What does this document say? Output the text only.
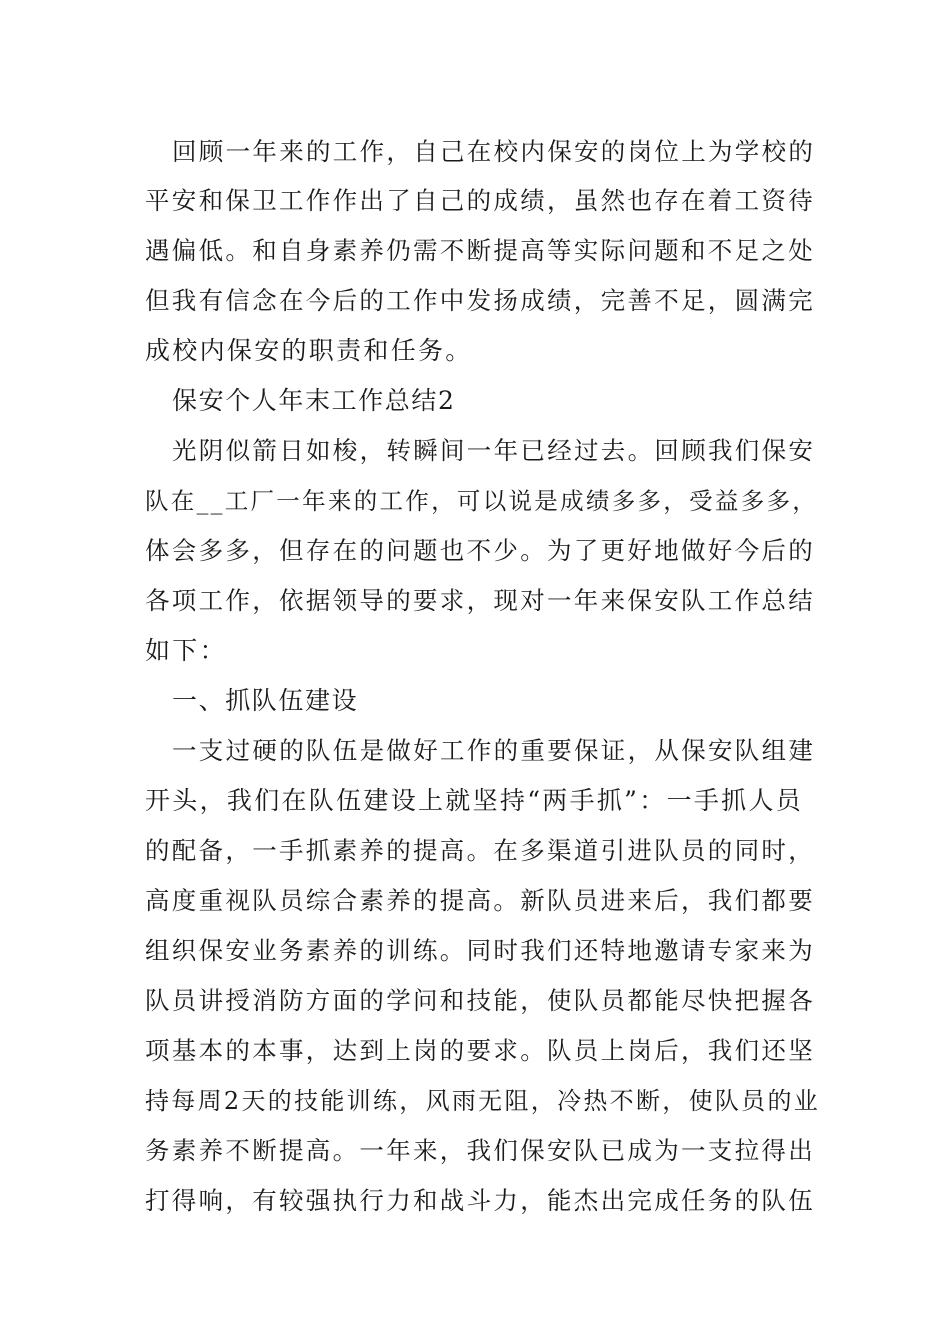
回顾一年来的工作，自己在校内保安的岗位上为学校的
平安和保卫工作作出了自己的成绩，虽然也存在着工资待
遇偏低。和自身素养仍需不断提高等实际问题和不足之处
但我有信念在今后的工作中发扬成绩，完善不足，圆满完
成校内保安的职责和任务。
保安个人年末工作总结2
光阴似箭日如梭，转瞬间一年已经过去。回顾我们保安
队在__工厂一年来的工作，可以说是成绩多多，受益多多，
体会多多，但存在的问题也不少。为了更好地做好今后的
各项工作，依据领导的要求，现对一年来保安队工作总结
如下：
一、抓队伍建设
一支过硬的队伍是做好工作的重要保证，从保安队组建
开头，我们在队伍建设上就坚持“两手抓”：一手抓人员
的配备，一手抓素养的提高。在多渠道引进队员的同时，
高度重视队员综合素养的提高。新队员进来后，我们都要
组织保安业务素养的训练。同时我们还特地邀请专家来为
队员讲授消防方面的学问和技能，使队员都能尽快把握各
项基本的本事，达到上岗的要求。队员上岗后，我们还坚
持每周2天的技能训练，风雨无阻，冷热不断，使队员的业
务素养不断提高。一年来，我们保安队已成为一支拉得出
打得响，有较强执行力和战斗力，能杰出完成任务的队伍
